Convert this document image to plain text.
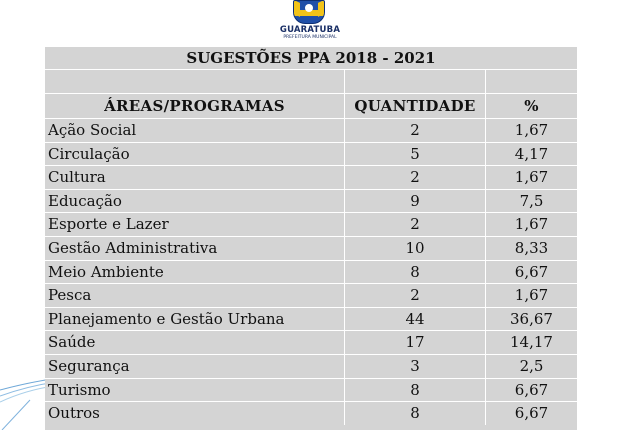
GUARATUBA
PREFEITURA MUNICIPAL
SUGESTÕES PPA 2018 - 2021
ÁREAS/PROGRAMAS	QUANTIDADE	%
Ação Social	2	1,67
Circulação	5	4,17
Cultura	2	1,67
Educação	9	7,5
Esporte e Lazer	2	1,67
Gestão Administrativa	10	8,33
Meio Ambiente	8	6,67
Pesca	2	1,67
Planejamento e Gestão Urbana	44	36,67
Saúde	17	14,17
Segurança	3	2,5
Turismo	8	6,67
Outros	8	6,67
